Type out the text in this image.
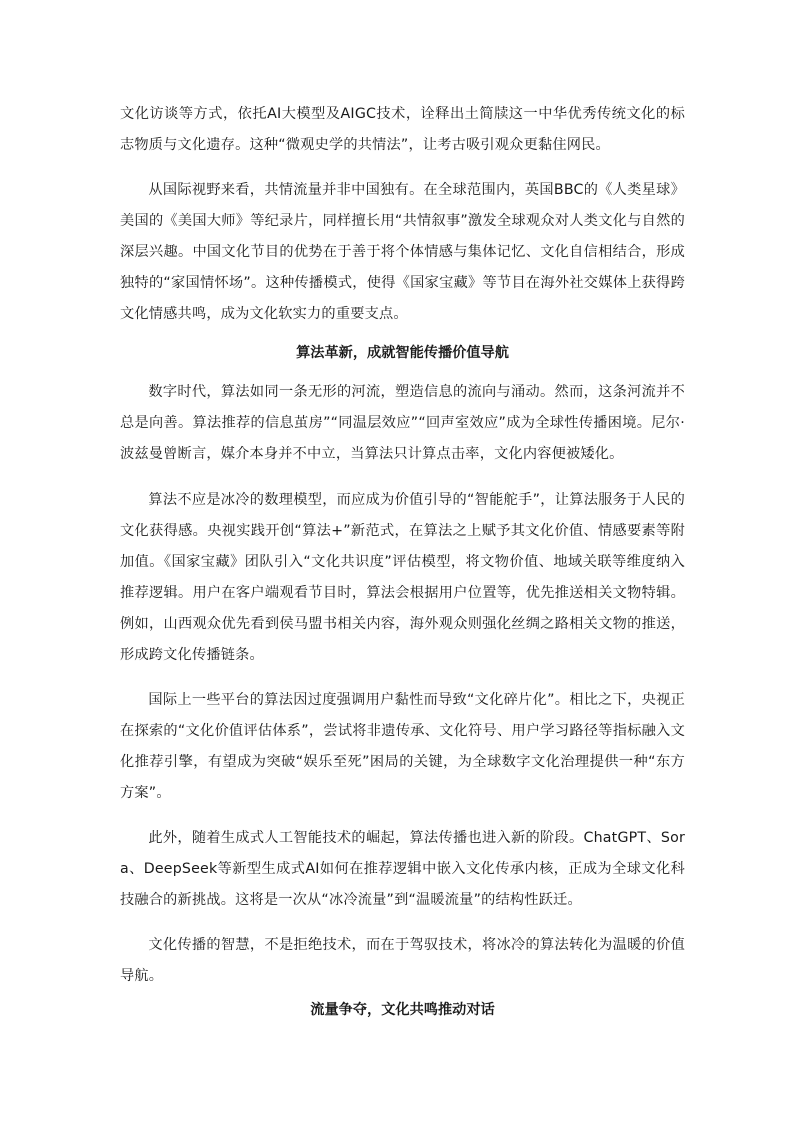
文化访谈等方式，依托AI大模型及AIGC技术，诠释出土简牍这一中华优秀传统文化的标志物质与文化遗存。这种“微观史学的共情法”，让考古吸引观众更黏住网民。

从国际视野来看，共情流量并非中国独有。在全球范围内，英国BBC的《人类星球》美国的《美国大师》等纪录片，同样擅长用“共情叙事”激发全球观众对人类文化与自然的深层兴趣。中国文化节目的优势在于善于将个体情感与集体记忆、文化自信相结合，形成独特的“家国情怀场”。这种传播模式，使得《国家宝藏》等节目在海外社交媒体上获得跨文化情感共鸣，成为文化软实力的重要支点。

算法革新，成就智能传播价值导航

数字时代，算法如同一条无形的河流，塑造信息的流向与涌动。然而，这条河流并不总是向善。算法推荐的信息茧房”“同温层效应”“回声室效应”成为全球性传播困境。尼尔·波兹曼曾断言，媒介本身并不中立，当算法只计算点击率，文化内容便被矮化。

算法不应是冰冷的数理模型，而应成为价值引导的“智能舵手”，让算法服务于人民的文化获得感。央视实践开创“算法+”新范式，在算法之上赋予其文化价值、情感要素等附加值。《国家宝藏》团队引入“文化共识度”评估模型，将文物价值、地域关联等维度纳入推荐逻辑。用户在客户端观看节目时，算法会根据用户位置等，优先推送相关文物特辑。例如，山西观众优先看到侯马盟书相关内容，海外观众则强化丝绸之路相关文物的推送，形成跨文化传播链条。

国际上一些平台的算法因过度强调用户黏性而导致“文化碎片化”。相比之下，央视正在探索的“文化价值评估体系”，尝试将非遗传承、文化符号、用户学习路径等指标融入文化推荐引擎，有望成为突破“娱乐至死”困局的关键，为全球数字文化治理提供一种“东方方案”。

此外，随着生成式人工智能技术的崛起，算法传播也进入新的阶段。ChatGPT、Sora、DeepSeek等新型生成式AI如何在推荐逻辑中嵌入文化传承内核，正成为全球文化科技融合的新挑战。这将是一次从“冰冷流量”到“温暖流量”的结构性跃迁。

文化传播的智慧，不是拒绝技术，而在于驾驭技术，将冰冷的算法转化为温暖的价值导航。

流量争夺，文化共鸣推动对话
